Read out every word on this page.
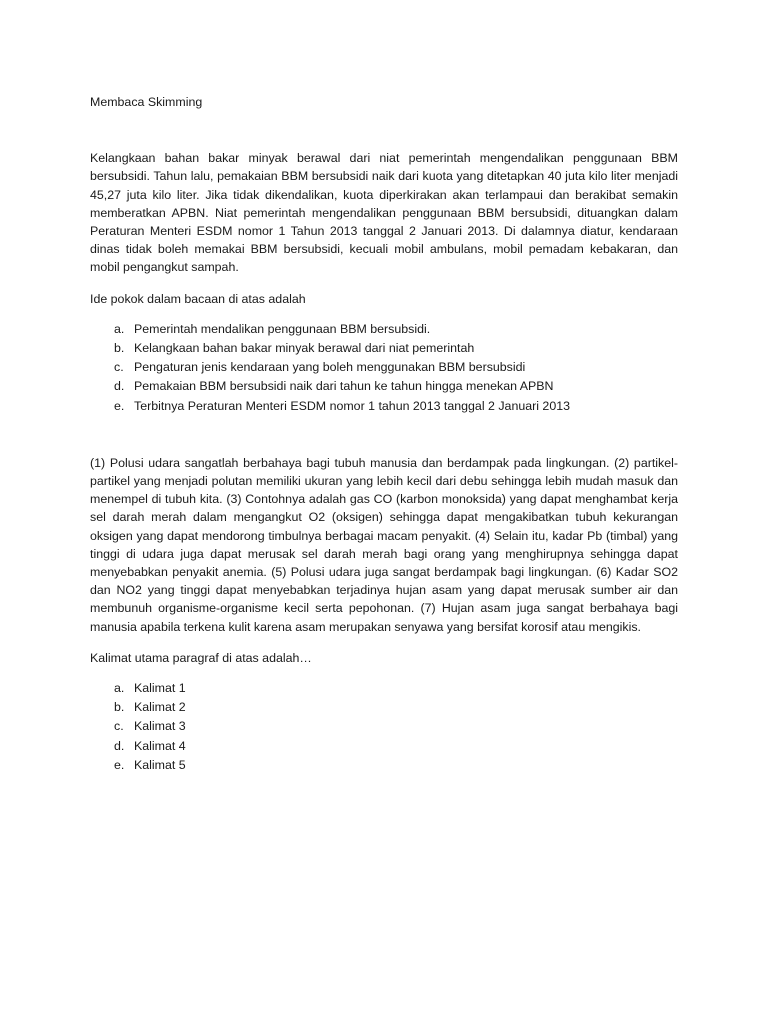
Membaca Skimming

Kelangkaan bahan bakar minyak berawal dari niat pemerintah mengendalikan penggunaan BBM bersubsidi. Tahun lalu, pemakaian BBM bersubsidi naik dari kuota yang ditetapkan 40 juta kilo liter menjadi 45,27 juta kilo liter. Jika tidak dikendalikan, kuota diperkirakan akan terlampaui dan berakibat semakin memberatkan APBN. Niat pemerintah mengendalikan penggunaan BBM bersubsidi, dituangkan dalam Peraturan Menteri ESDM nomor 1 Tahun 2013 tanggal 2 Januari 2013. Di dalamnya diatur, kendaraan dinas tidak boleh memakai BBM bersubsidi, kecuali mobil ambulans, mobil pemadam kebakaran, dan mobil pengangkut sampah.

Ide pokok dalam bacaan di atas adalah

a. Pemerintah mendalikan penggunaan BBM bersubsidi.
b. Kelangkaan bahan bakar minyak berawal dari niat pemerintah
c. Pengaturan jenis kendaraan yang boleh menggunakan BBM bersubsidi
d. Pemakaian BBM bersubsidi naik dari tahun ke tahun hingga menekan APBN
e. Terbitnya Peraturan Menteri ESDM nomor 1 tahun 2013 tanggal 2 Januari 2013

(1) Polusi udara sangatlah berbahaya bagi tubuh manusia dan berdampak pada lingkungan. (2) partikel-partikel yang menjadi polutan memiliki ukuran yang lebih kecil dari debu sehingga lebih mudah masuk dan menempel di tubuh kita. (3) Contohnya adalah gas CO (karbon monoksida) yang dapat menghambat kerja sel darah merah dalam mengangkut O2 (oksigen) sehingga dapat mengakibatkan tubuh kekurangan oksigen yang dapat mendorong timbulnya berbagai macam penyakit. (4) Selain itu, kadar Pb (timbal) yang tinggi di udara juga dapat merusak sel darah merah bagi orang yang menghirupnya sehingga dapat menyebabkan penyakit anemia. (5) Polusi udara juga sangat berdampak bagi lingkungan. (6) Kadar SO2 dan NO2 yang tinggi dapat menyebabkan terjadinya hujan asam yang dapat merusak sumber air dan membunuh organisme-organisme kecil serta pepohonan. (7) Hujan asam juga sangat berbahaya bagi manusia apabila terkena kulit karena asam merupakan senyawa yang bersifat korosif atau mengikis.

Kalimat utama paragraf di atas adalah…

a. Kalimat 1
b. Kalimat 2
c. Kalimat 3
d. Kalimat 4
e. Kalimat 5
